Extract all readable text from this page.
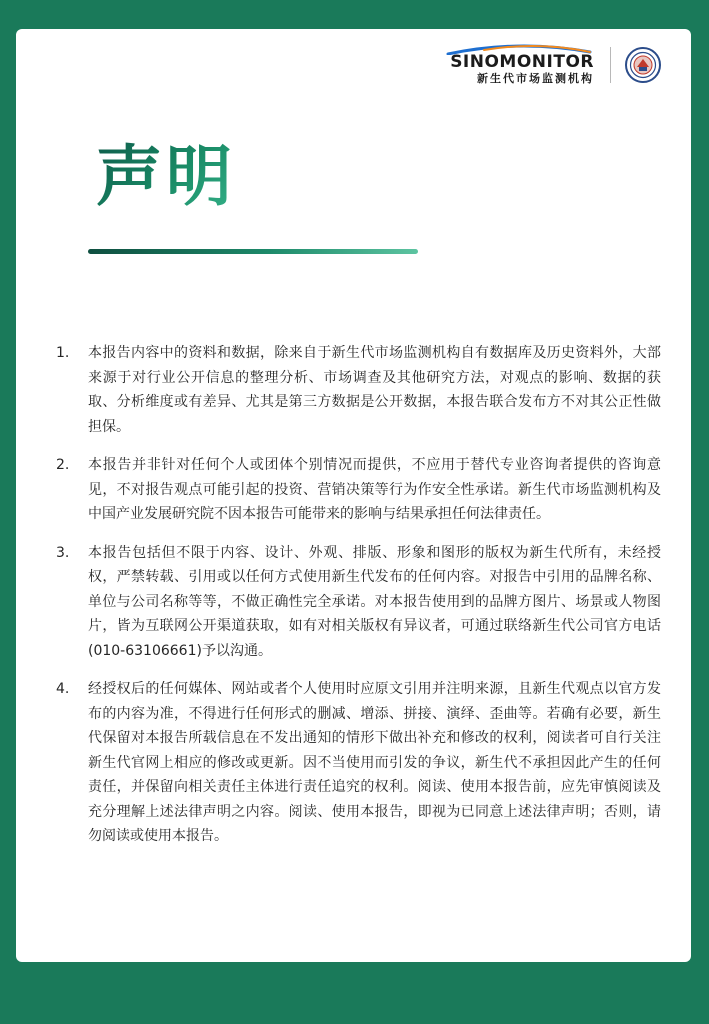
SINOMONITOR
新生代市场监测机构
声明
1.	本报告内容中的资料和数据，除来自于新生代市场监测机构自有数据库及历史资料外，大部来源于对行业公开信息的整理分析、市场调查及其他研究方法，对观点的影响、数据的获取、分析维度或有差异、尤其是第三方数据是公开数据，本报告联合发布方不对其公正性做担保。

2.	本报告并非针对任何个人或团体个别情况而提供，不应用于替代专业咨询者提供的咨询意见，不对报告观点可能引起的投资、营销决策等行为作安全性承诺。新生代市场监测机构及中国产业发展研究院不因本报告可能带来的影响与结果承担任何法律责任。

3.	本报告包括但不限于内容、设计、外观、排版、形象和图形的版权为新生代所有，未经授权，严禁转载、引用或以任何方式使用新生代发布的任何内容。对报告中引用的品牌名称、单位与公司名称等等，不做正确性完全承诺。对本报告使用到的品牌方图片、场景或人物图片，皆为互联网公开渠道获取，如有对相关版权有异议者，可通过联络新生代公司官方电话(010-63106661)予以沟通。

4.	经授权后的任何媒体、网站或者个人使用时应原文引用并注明来源，且新生代观点以官方发布的内容为准，不得进行任何形式的删减、增添、拼接、演绎、歪曲等。若确有必要，新生代保留对本报告所载信息在不发出通知的情形下做出补充和修改的权利，阅读者可自行关注新生代官网上相应的修改或更新。因不当使用而引发的争议，新生代不承担因此产生的任何责任，并保留向相关责任主体进行责任追究的权利。阅读、使用本报告前，应先审慎阅读及充分理解上述法律声明之内容。阅读、使用本报告，即视为已同意上述法律声明；否则，请勿阅读或使用本报告。
